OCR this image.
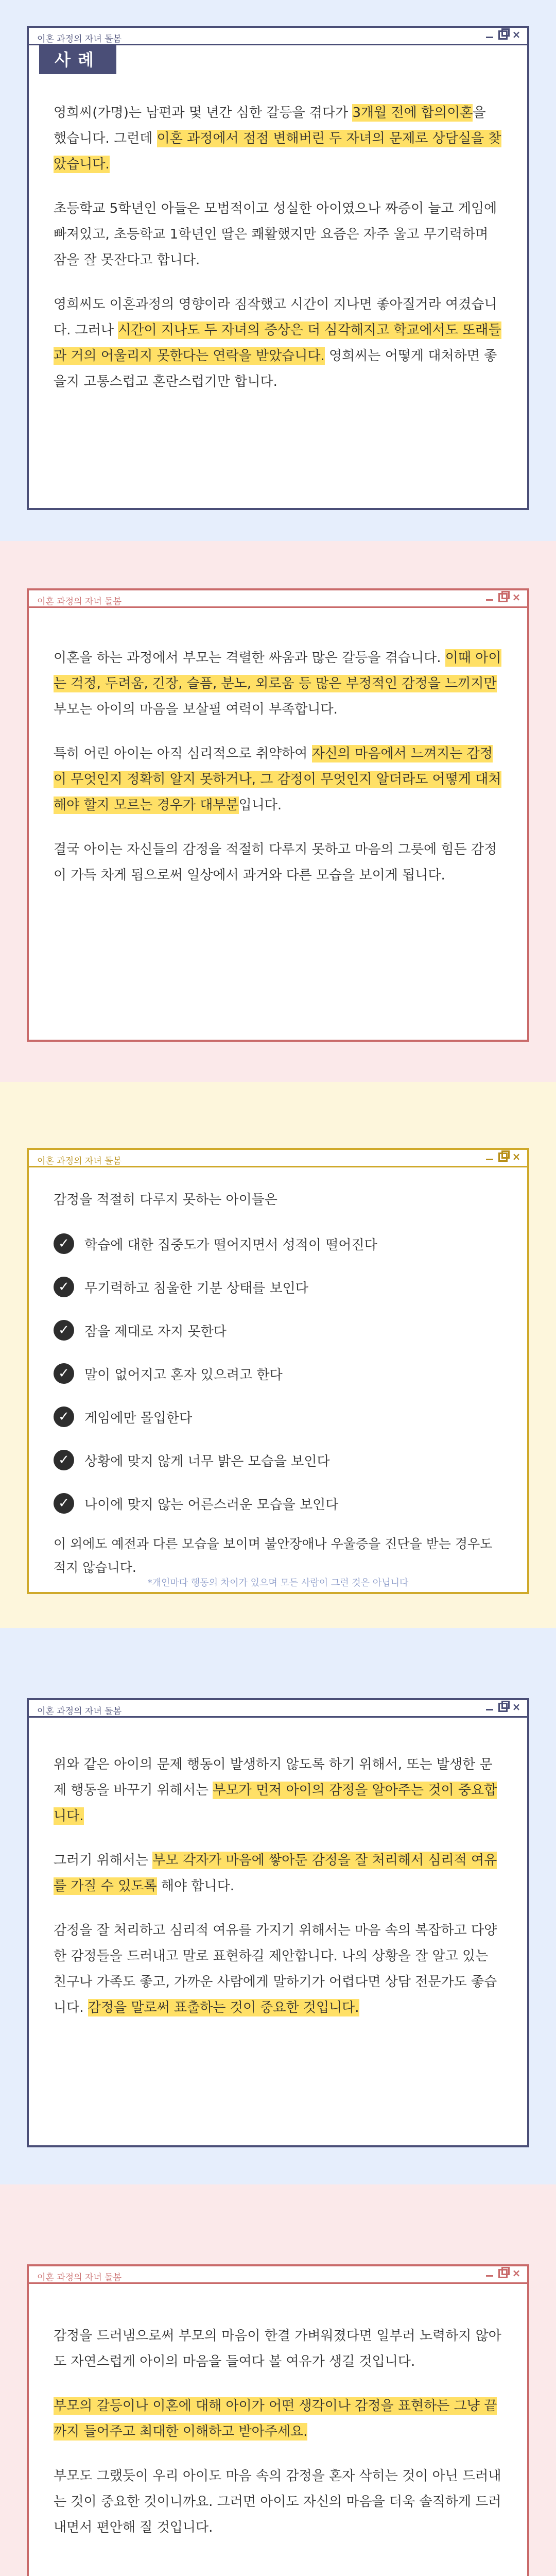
이혼 과정의 자녀 돌봄	×
사례

영희씨(가명)는 남편과 몇 년간 심한 갈등을 겪다가 3개월 전에 합의이혼을 했습니다. 그런데 이혼 과정에서 점점 변해버린 두 자녀의 문제로 상담실을 찾았습니다.

초등학교 5학년인 아들은 모범적이고 성실한 아이였으나 짜증이 늘고 게임에 빠져있고, 초등학교 1학년인 딸은 쾌활했지만 요즘은 자주 울고 무기력하며 잠을 잘 못잔다고 합니다.

영희씨도 이혼과정의 영향이라 짐작했고 시간이 지나면 좋아질거라 여겼습니다. 그러나 시간이 지나도 두 자녀의 증상은 더 심각해지고 학교에서도 또래들과 거의 어울리지 못한다는 연락을 받았습니다. 영희씨는 어떻게 대처하면 좋을지 고통스럽고 혼란스럽기만 합니다.

이혼 과정의 자녀 돌봄	×

이혼을 하는 과정에서 부모는 격렬한 싸움과 많은 갈등을 겪습니다. 이때 아이는 걱정, 두려움, 긴장, 슬픔, 분노, 외로움 등 많은 부정적인 감정을 느끼지만 부모는 아이의 마음을 보살필 여력이 부족합니다.

특히 어린 아이는 아직 심리적으로 취약하여 자신의 마음에서 느껴지는 감정이 무엇인지 정확히 알지 못하거나, 그 감정이 무엇인지 알더라도 어떻게 대처해야 할지 모르는 경우가 대부분입니다.

결국 아이는 자신들의 감정을 적절히 다루지 못하고 마음의 그릇에 힘든 감정이 가득 차게 됨으로써 일상에서 과거와 다른 모습을 보이게 됩니다.

이혼 과정의 자녀 돌봄	×
감정을 적절히 다루지 못하는 아이들은
✓	학습에 대한 집중도가 떨어지면서 성적이 떨어진다
✓	무기력하고 침울한 기분 상태를 보인다
✓	잠을 제대로 자지 못한다
✓	말이 없어지고 혼자 있으려고 한다
✓	게임에만 몰입한다
✓	상황에 맞지 않게 너무 밝은 모습을 보인다
✓	나이에 맞지 않는 어른스러운 모습을 보인다
이 외에도 예전과 다른 모습을 보이며 불안장애나 우울증을 진단을 받는 경우도 적지 않습니다.
*개인마다 행동의 차이가 있으며 모든 사람이 그런 것은 아닙니다
이혼 과정의 자녀 돌봄	×

위와 같은 아이의 문제 행동이 발생하지 않도록 하기 위해서, 또는 발생한 문제 행동을 바꾸기 위해서는 부모가 먼저 아이의 감정을 알아주는 것이 중요합니다.

그러기 위해서는 부모 각자가 마음에 쌓아둔 감정을 잘 처리해서 심리적 여유를 가질 수 있도록 해야 합니다.

감정을 잘 처리하고 심리적 여유를 가지기 위해서는 마음 속의 복잡하고 다양한 감정들을 드러내고 말로 표현하길 제안합니다. 나의 상황을 잘 알고 있는 친구나 가족도 좋고, 가까운 사람에게 말하기가 어렵다면 상담 전문가도 좋습니다. 감정을 말로써 표출하는 것이 중요한 것입니다.

이혼 과정의 자녀 돌봄	×

감정을 드러냄으로써 부모의 마음이 한결 가벼워졌다면 일부러 노력하지 않아도 자연스럽게 아이의 마음을 들여다 볼 여유가 생길 것입니다.

부모의 갈등이나 이혼에 대해 아이가 어떤 생각이나 감정을 표현하든 그냥 끝까지 들어주고 최대한 이해하고 받아주세요.

부모도 그랬듯이 우리 아이도 마음 속의 감정을 혼자 삭히는 것이 아닌 드러내는 것이 중요한 것이니까요. 그러면 아이도 자신의 마음을 더욱 솔직하게 드러내면서 편안해 질 것입니다.
